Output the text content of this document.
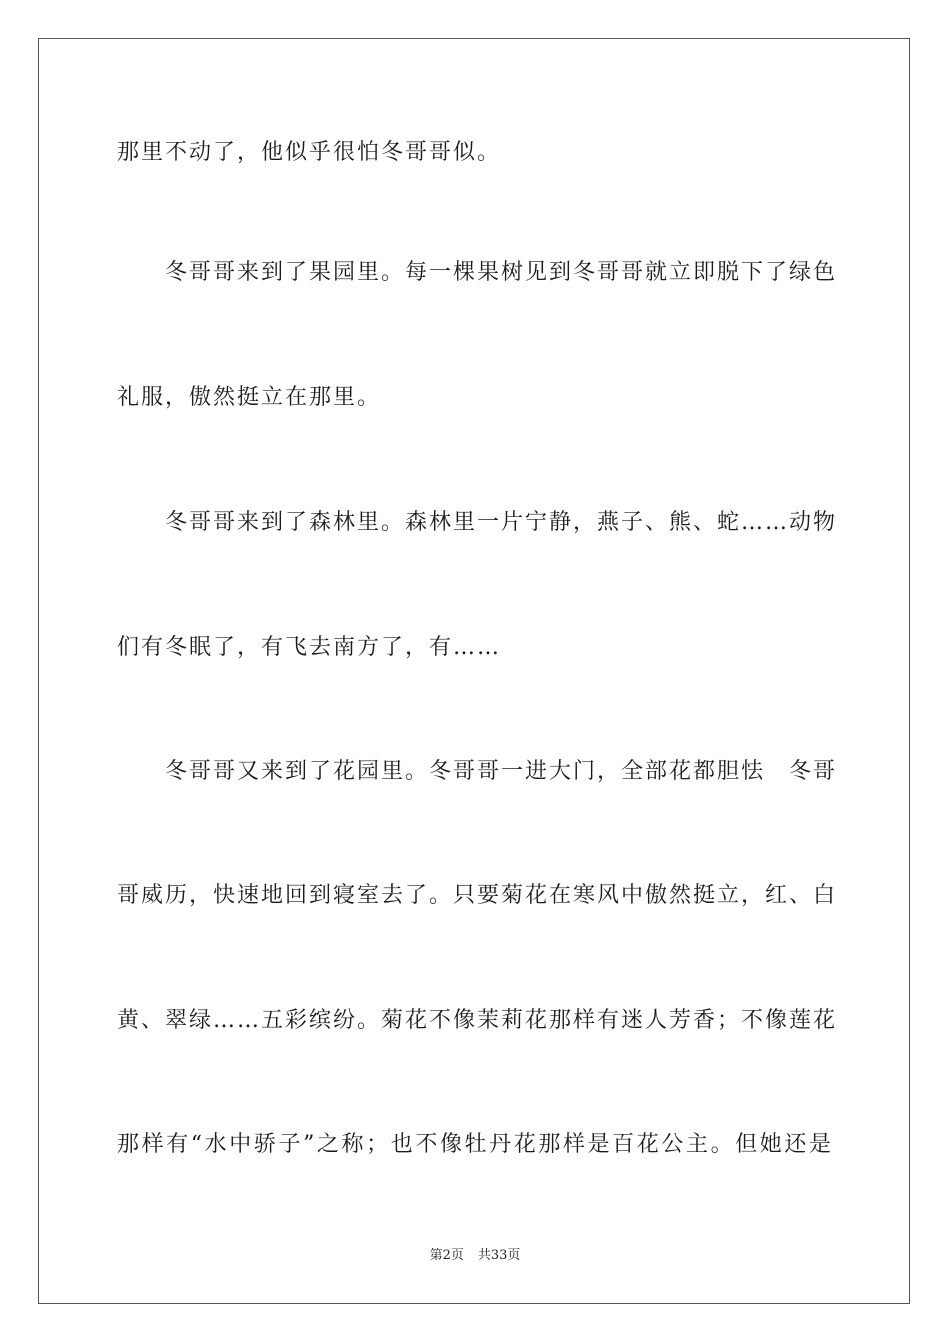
那里不动了，他似乎很怕冬哥哥似。
冬哥哥来到了果园里。每一棵果树见到冬哥哥就立即脱下了绿色
礼服，傲然挺立在那里。
冬哥哥来到了森林里。森林里一片宁静，燕子、熊、蛇……动物
们有冬眠了，有飞去南方了，有……
冬哥哥又来到了花园里。冬哥哥一进大门，全部花都胆怯　冬哥
哥威历，快速地回到寝室去了。只要菊花在寒风中傲然挺立，红、白
黄、翠绿……五彩缤纷。菊花不像茉莉花那样有迷人芳香；不像莲花
那样有“水中骄子”之称；也不像牡丹花那样是百花公主。但她还是
第2页 共33页
